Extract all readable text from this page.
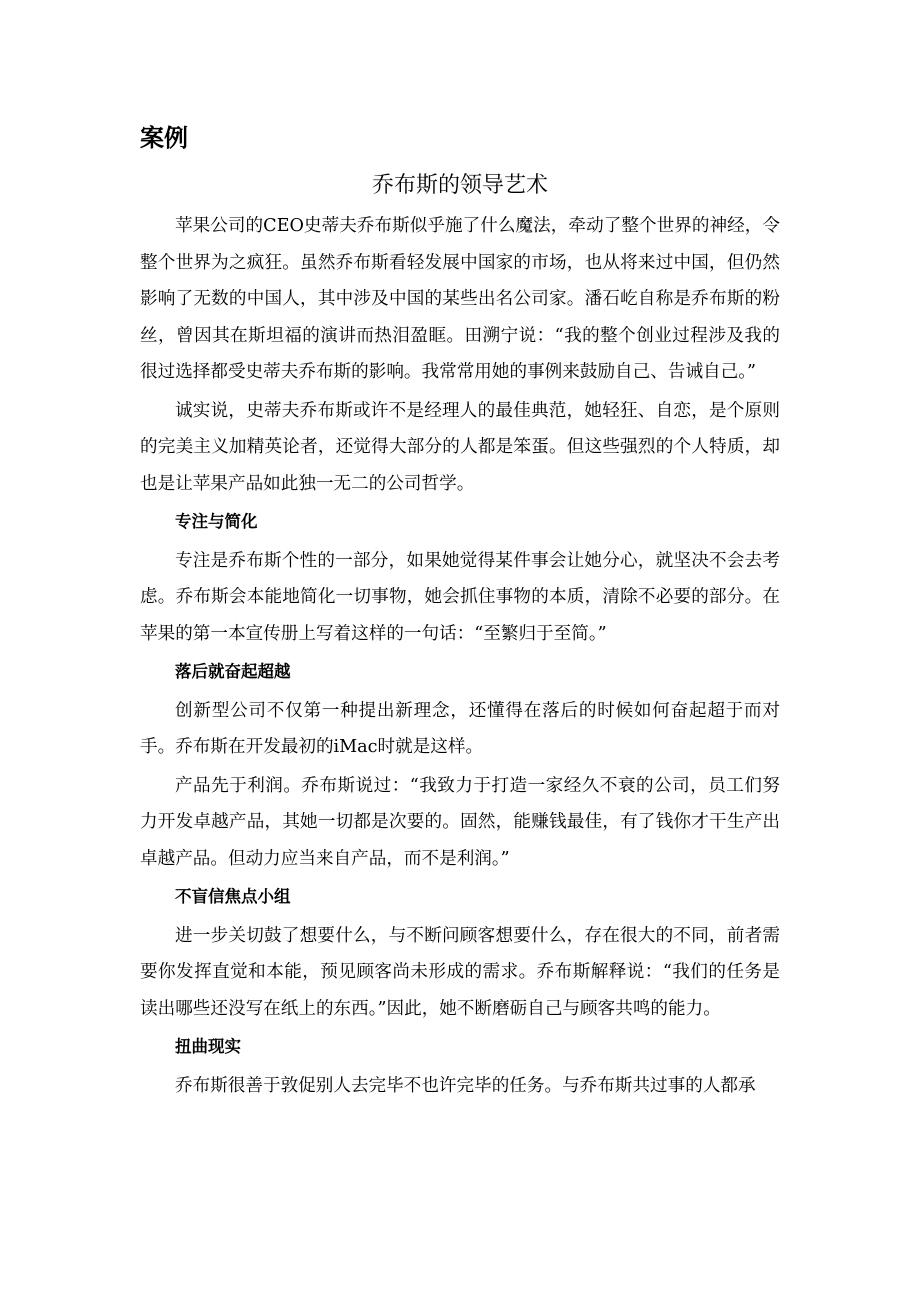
案例
乔布斯的领导艺术

苹果公司的CEO史蒂夫乔布斯似乎施了什么魔法，牵动了整个世界的神经，令整个世界为之疯狂。虽然乔布斯看轻发展中国家的市场，也从将来过中国，但仍然影响了无数的中国人，其中涉及中国的某些出名公司家。潘石屹自称是乔布斯的粉丝，曾因其在斯坦福的演讲而热泪盈眶。田溯宁说：“我的整个创业过程涉及我的很过选择都受史蒂夫乔布斯的影响。我常常用她的事例来鼓励自己、告诫自己。”

诚实说，史蒂夫乔布斯或许不是经理人的最佳典范，她轻狂、自恋，是个原则的完美主义加精英论者，还觉得大部分的人都是笨蛋。但这些强烈的个人特质，却也是让苹果产品如此独一无二的公司哲学。

专注与简化

专注是乔布斯个性的一部分，如果她觉得某件事会让她分心，就坚决不会去考虑。乔布斯会本能地简化一切事物，她会抓住事物的本质，清除不必要的部分。在苹果的第一本宣传册上写着这样的一句话：“至繁归于至简。”

落后就奋起超越

创新型公司不仅第一种提出新理念，还懂得在落后的时候如何奋起超于而对手。乔布斯在开发最初的iMac时就是这样。

产品先于利润。乔布斯说过：“我致力于打造一家经久不衰的公司，员工们努力开发卓越产品，其她一切都是次要的。固然，能赚钱最佳，有了钱你才干生产出卓越产品。但动力应当来自产品，而不是利润。”

不盲信焦点小组

进一步关切鼓了想要什么，与不断问顾客想要什么，存在很大的不同，前者需要你发挥直觉和本能，预见顾客尚未形成的需求。乔布斯解释说：“我们的任务是读出哪些还没写在纸上的东西。”因此，她不断磨砺自己与顾客共鸣的能力。

扭曲现实

乔布斯很善于敦促别人去完毕不也许完毕的任务。与乔布斯共过事的人都承
